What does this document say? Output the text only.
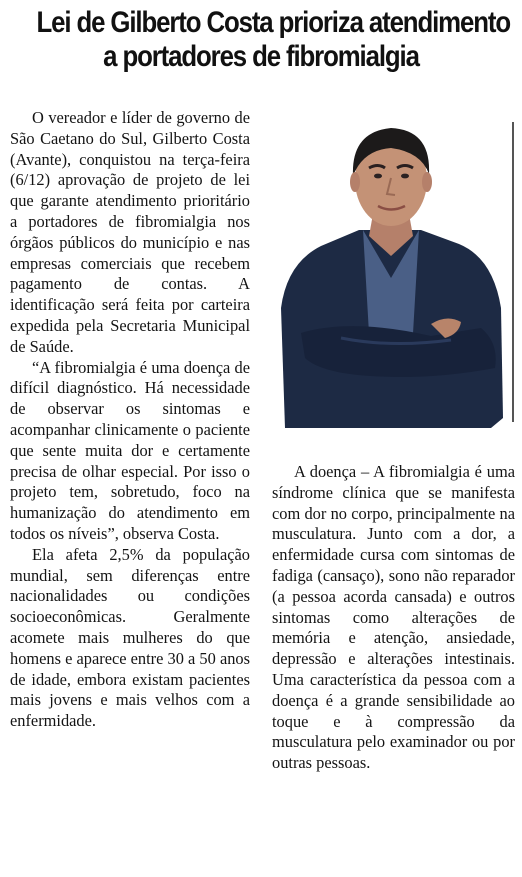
Lei de Gilberto Costa prioriza atendimento
a portadores de fibromialgia

O vereador e líder de governo de São Caetano do Sul, Gilberto Costa (Avante), conquistou na terça-feira (6/12) aprovação de projeto de lei que garante atendimento prioritário a portadores de fibromialgia nos órgãos públicos do município e nas empresas comerciais que recebem pagamento de contas. A identificação será feita por carteira expedida pela Secretaria Municipal de Saúde.

“A fibromialgia é uma doença de difícil diagnóstico. Há necessidade de observar os sintomas e acompanhar clinicamente o paciente que sente muita dor e certamente precisa de olhar especial. Por isso o projeto tem, sobretudo, foco na humanização do atendimento em todos os níveis”, observa Costa.

Ela afeta 2,5% da população mundial, sem diferenças entre nacionalidades ou condições socioeconômicas. Geralmente acomete mais mulheres do que homens e aparece entre 30 a 50 anos de idade, embora existam pacientes mais jovens e mais velhos com a enfermidade.

A doença – A fibromialgia é uma síndrome clínica que se manifesta com dor no corpo, principalmente na musculatura. Junto com a dor, a enfermidade cursa com sintomas de fadiga (cansaço), sono não reparador (a pessoa acorda cansada) e outros sintomas como alterações de memória e atenção, ansiedade, depressão e alterações intestinais. Uma característica da pessoa com a doença é a grande sensibilidade ao toque e à compressão da musculatura pelo examinador ou por outras pessoas.
